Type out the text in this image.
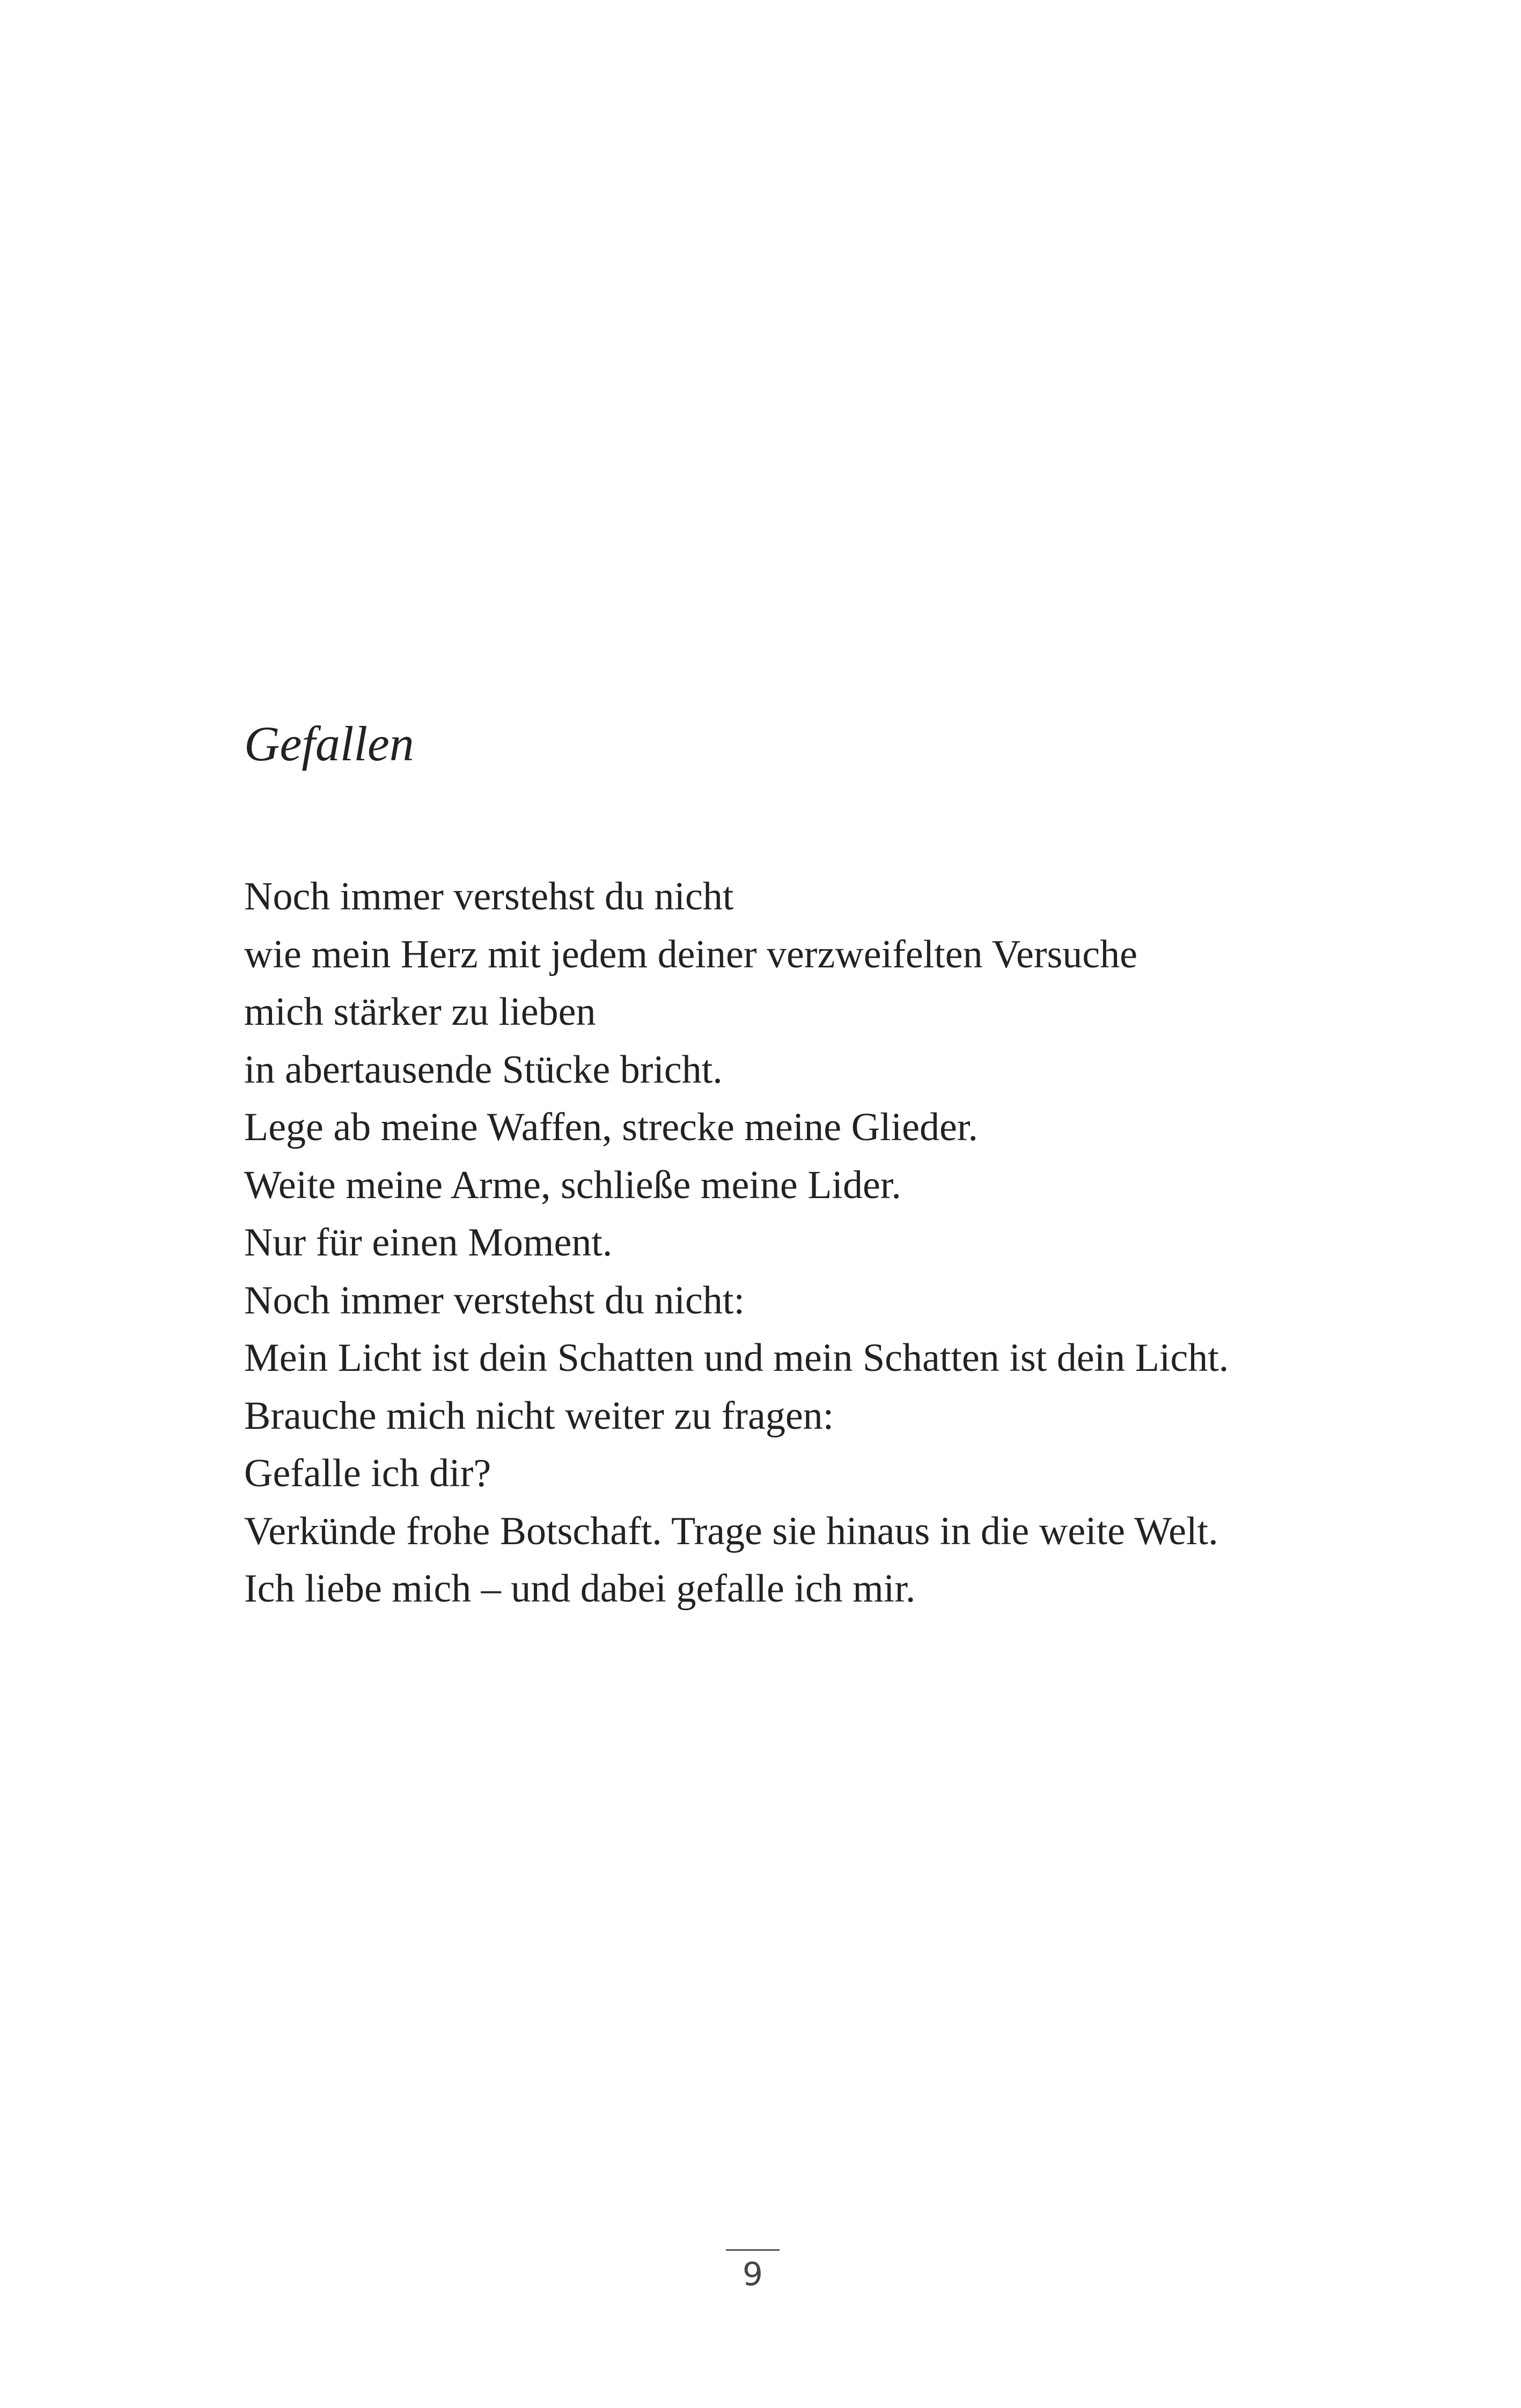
Gefallen
Noch immer verstehst du nicht
wie mein Herz mit jedem deiner verzweifelten Versuche
mich stärker zu lieben
in abertausende Stücke bricht.
Lege ab meine Waffen, strecke meine Glieder.
Weite meine Arme, schließe meine Lider.
Nur für einen Moment.
Noch immer verstehst du nicht:
Mein Licht ist dein Schatten und mein Schatten ist dein Licht.
Brauche mich nicht weiter zu fragen:
Gefalle ich dir?
Verkünde frohe Botschaft. Trage sie hinaus in die weite Welt.
Ich liebe mich – und dabei gefalle ich mir.
9
